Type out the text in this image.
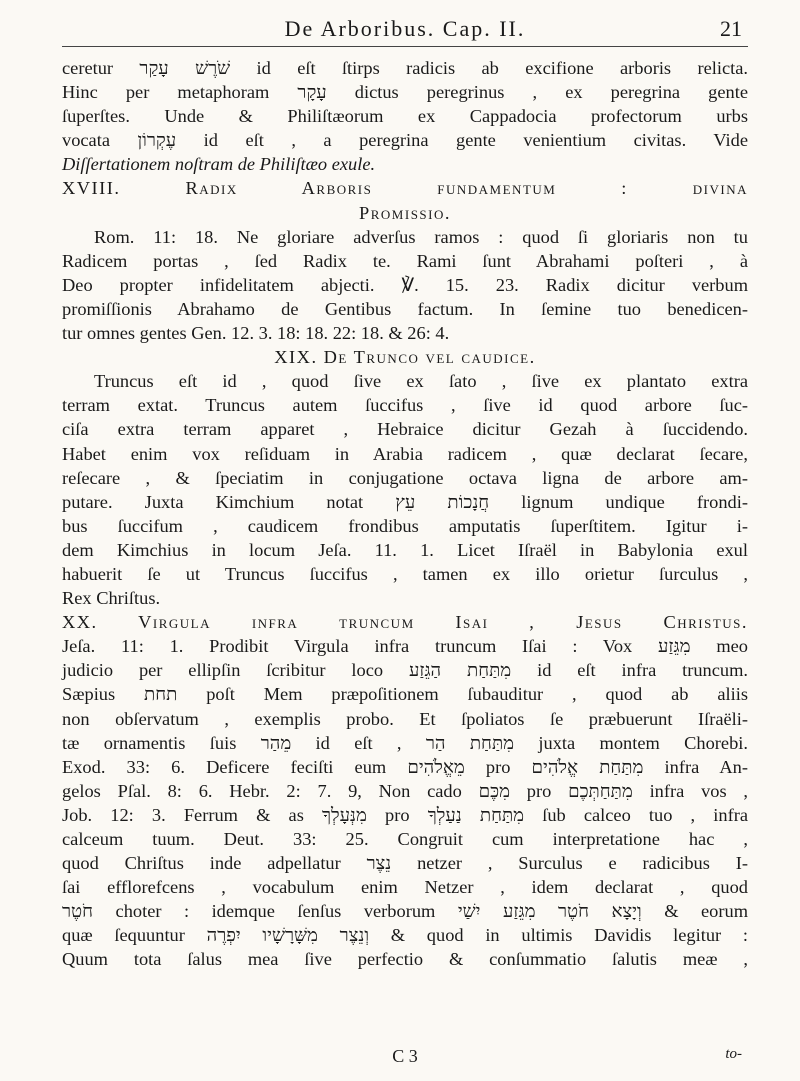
De Arboribus. Cap. II.	21
ceretur שֹׁרֶשׁ עָקַר id eſt ſtirps radicis ab excifione arboris relicta.
Hinc per metaphoram עָקָר dictus peregrinus , ex peregrina gente
ſuperſtes. Unde & Philiſtæorum ex Cappadocia profectorum urbs
vocata עֶקְרוֹן id eſt , a peregrina gente venientium civitas. Vide
Diſſertationem noſtram de Philiſtæo exule.
XVIII. Radix Arboris fundamentum : divina
Promissio.
Rom. 11: 18. Ne gloriare adverſus ramos : quod ſi gloriaris non tu
Radicem portas , ſed Radix te. Rami ſunt Abrahami poſteri , à
Deo propter infidelitatem abjecti. ℣. 15. 23. Radix dicitur verbum
promiſſionis Abrahamo de Gentibus factum. In ſemine tuo benedicen-
tur omnes gentes Gen. 12. 3. 18: 18. 22: 18. & 26: 4.
XIX. De Trunco vel caudice.
Truncus eſt id , quod ſive ex ſato , ſive ex plantato extra
terram extat. Truncus autem ſuccifus , ſive id quod arbore ſuc-
ciſa extra terram apparet , Hebraice dicitur Gezah à ſuccidendo.
Habet enim vox reſiduam in Arabia radicem , quæ declarat ſecare,
reſecare , & ſpeciatim in conjugatione octava ligna de arbore am-
putare. Juxta Kimchium notat חֲנָכוֹת עֵץ lignum undique frondi-
bus ſuccifum , caudicem frondibus amputatis ſuperſtitem. Igitur i-
dem Kimchius in locum Jeſa. 11. 1. Licet Iſraël in Babylonia exul
habuerit ſe ut Truncus ſuccifus , tamen ex illo orietur ſurculus ,
Rex Chriſtus.
XX. Virgula infra truncum Isai , Jesus Christus.
Jeſa. 11: 1. Prodibit Virgula infra truncum Iſai : Vox מִגֵּזַע meo
judicio per ellipſin ſcribitur loco מִתַּחַת הַגֵּזַע id eſt infra truncum.
Sæpius תחת poſt Mem præpoſitionem ſubauditur , quod ab aliis
non obſervatum , exemplis probo. Et ſpoliatos ſe præbuerunt Iſraëli-
tæ ornamentis ſuis מֵהַר id eſt , מִתַּחַת הַר juxta montem Chorebi.
Exod. 33: 6. Deficere feciſti eum מֵאֱלֹהִים pro מִתַּחַת אֱלֹהִים infra An-
gelos Pſal. 8: 6. Hebr. 2: 7. 9, Non cado מִכֶּם pro מִתַּחַתְּכֶם infra vos ,
Job. 12: 3. Ferrum & as מִנְּעָלְךָ pro מִתַּחַת נַעַלְךָ ſub calceo tuo , infra
calceum tuum. Deut. 33: 25. Congruit cum interpretatione hac ,
quod Chriſtus inde adpellatur נֵצֶר netzer , Surculus e radicibus I-
ſai efflorefcens , vocabulum enim Netzer , idem declarat , quod
חֹטֶר choter : idemque ſenſus verborum וְיָצָא חֹטֶר מִגֵּזַע יִשַׁי & eorum
quæ ſequuntur וְנֵצֶר מִשָּׁרָשָׁיו יִפְרֶה & quod in ultimis Davidis legitur :
Quum tota ſalus mea ſive perfectio & conſummatio ſalutis meæ ,
C 3	to-
